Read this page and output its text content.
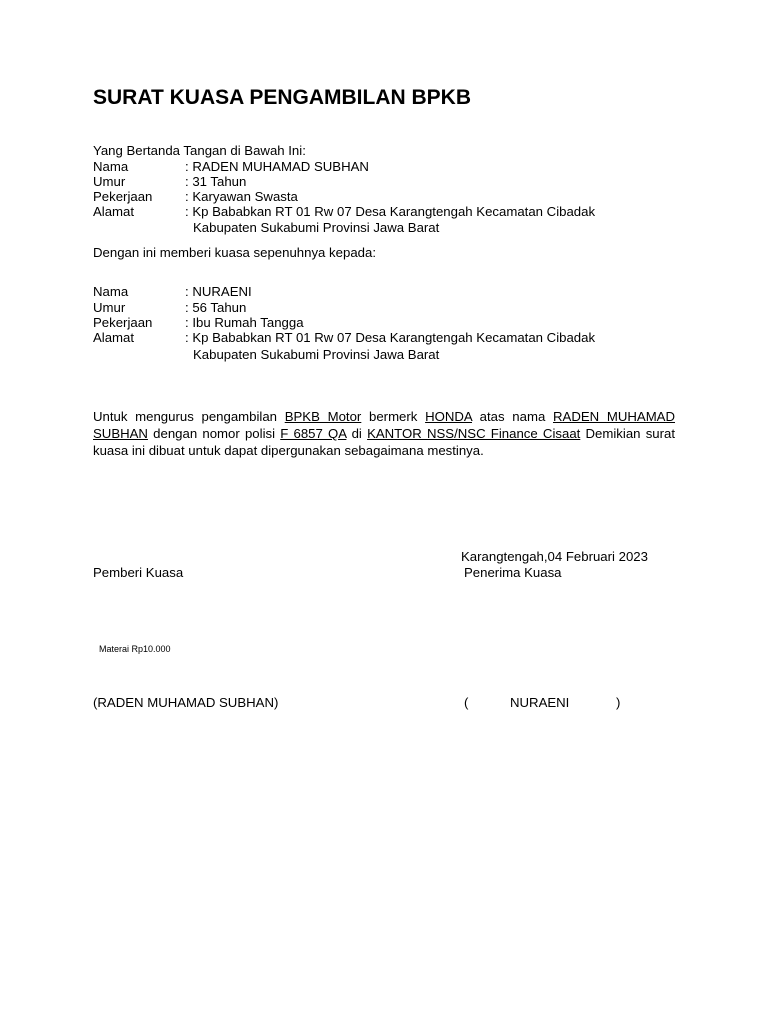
SURAT KUASA PENGAMBILAN BPKB
Yang Bertanda Tangan di Bawah Ini:
Nama	: RADEN MUHAMAD SUBHAN
Umur	: 31 Tahun
Pekerjaan : Karyawan Swasta
Alamat	: Kp Bababkan RT 01 Rw 07 Desa Karangtengah Kecamatan Cibadak
Kabupaten Sukabumi Provinsi Jawa Barat
Dengan ini memberi kuasa sepenuhnya kepada:
Nama	: NURAENI
Umur	: 56 Tahun
Pekerjaan : Ibu Rumah Tangga
Alamat	: Kp Bababkan RT 01 Rw 07 Desa Karangtengah Kecamatan Cibadak
Kabupaten Sukabumi Provinsi Jawa Barat
Untuk mengurus pengambilan BPKB Motor bermerk HONDA atas nama RADEN MUHAMAD SUBHAN dengan nomor polisi F 6857 QA di KANTOR NSS/NSC Finance Cisaat Demikian surat kuasa ini dibuat untuk dapat dipergunakan sebagaimana mestinya.
Karangtengah,04 Februari 2023
Pemberi Kuasa	Penerima Kuasa
Materai Rp10.000
(RADEN MUHAMAD SUBHAN)	(	NURAENI	)
